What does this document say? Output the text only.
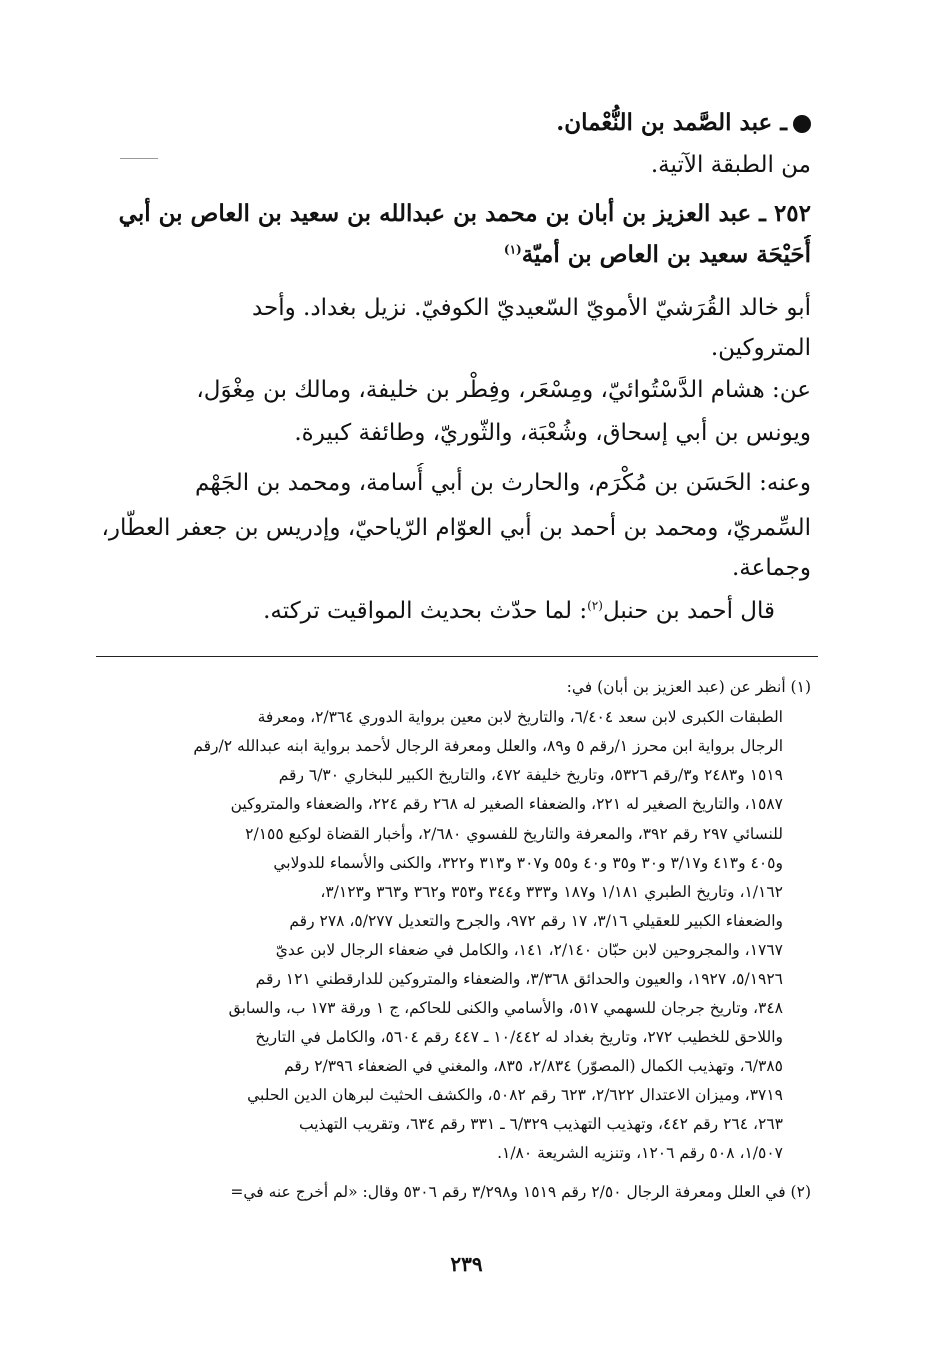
ـ عبد الصَّمد بن النُّعْمان.
من الطبقة الآتية.
٢٥٢ ـ عبد العزيز بن أبان بن محمد بن عبدالله بن سعيد بن العاص بن أبي
أُحَيْحَة سعيد بن العاص بن أميّة$^{(١)}$
أبو خالد القُرَشيّ الأمويّ السّعيديّ الكوفيّ. نزيل بغداد. وأحد
المتروكين.
عن: هشام الدَّسْتُوائيّ، ومِسْعَر، وفِطْر بن خليفة، ومالك بن مِغْوَل،
ويونس بن أبي إسحاق، وشُعْبَة، والثّوريّ، وطائفة كبيرة.
وعنه: الحَسَن بن مُكْرَم، والحارث بن أبي أُسامة، ومحمد بن الجَهْم
السِّمريّ، ومحمد بن أحمد بن أبي العوّام الرّياحيّ، وإدريس بن جعفر العطّار،
وجماعة.
قال أحمد بن حنبل$^{(٢)}$: لما حدّث بحديث المواقيت تركته.
(١) أنظر عن (عبد العزيز بن أبان) في:
الطبقات الكبرى لابن سعد ٦/٤٠٤، والتاريخ لابن معين برواية الدوري ٢/٣٦٤، ومعرفة
الرجال برواية ابن محرز ١/رقم ٥ و٨٩، والعلل ومعرفة الرجال لأحمد برواية ابنه عبدالله ٢/رقم
١٥١٩ و٢٤٨٣ و٣/رقم ٥٣٢٦، وتاريخ خليفة ٤٧٢، والتاريخ الكبير للبخاري ٦/٣٠ رقم
١٥٨٧، والتاريخ الصغير له ٢٢١، والضعفاء الصغير له ٢٦٨ رقم ٢٢٤، والضعفاء والمتروكين
للنسائي ٢٩٧ رقم ٣٩٢، والمعرفة والتاريخ للفسوي ٢/٦٨٠، وأخبار القضاة لوكيع ٢/١٥٥
و٤٠٥ و٤١٣ و٣/١٧ و٣٠ و٣٥ و٤٠ و٥٥ و٣٠٧ و٣١٣ و٣٢٢، والكنى والأسماء للدولابي
١/١٦٢، وتاريخ الطبري ١/١٨١ و١٨٧ و٣٣٣ و٣٤٤ و٣٥٣ و٣٦٢ و٣٦٣ و٣/١٢٣،
والضعفاء الكبير للعقيلي ٣/١٦، ١٧ رقم ٩٧٢، والجرح والتعديل ٥/٢٧٧، ٢٧٨ رقم
١٧٦٧، والمجروحين لابن حبّان ٢/١٤٠، ١٤١، والكامل في ضعفاء الرجال لابن عديّ
٥/١٩٢٦، ١٩٢٧، والعيون والحدائق ٣/٣٦٨، والضعفاء والمتروكين للدارقطني ١٢١ رقم
٣٤٨، وتاريخ جرجان للسهمي ٥١٧، والأسامي والكنى للحاكم، ج ١ ورقة ١٧٣ ب، والسابق
واللاحق للخطيب ٢٧٢، وتاريخ بغداد له ١٠/٤٤٢ ـ ٤٤٧ رقم ٥٦٠٤، والكامل في التاريخ
٦/٣٨٥، وتهذيب الكمال (المصوّر) ٢/٨٣٤، ٨٣٥، والمغني في الضعفاء ٢/٣٩٦ رقم
٣٧١٩، وميزان الاعتدال ٢/٦٢٢، ٦٢٣ رقم ٥٠٨٢، والكشف الحثيث لبرهان الدين الحلبي
٢٦٣، ٢٦٤ رقم ٤٤٢، وتهذيب التهذيب ٦/٣٢٩ ـ ٣٣١ رقم ٦٣٤، وتقريب التهذيب
١/٥٠٧، ٥٠٨ رقم ١٢٠٦، وتنزيه الشريعة ١/٨٠.
(٢) في العلل ومعرفة الرجال ٢/٥٠ رقم ١٥١٩ و٣/٢٩٨ رقم ٥٣٠٦ وقال: «لم أخرج عنه في=
٢٣٩
